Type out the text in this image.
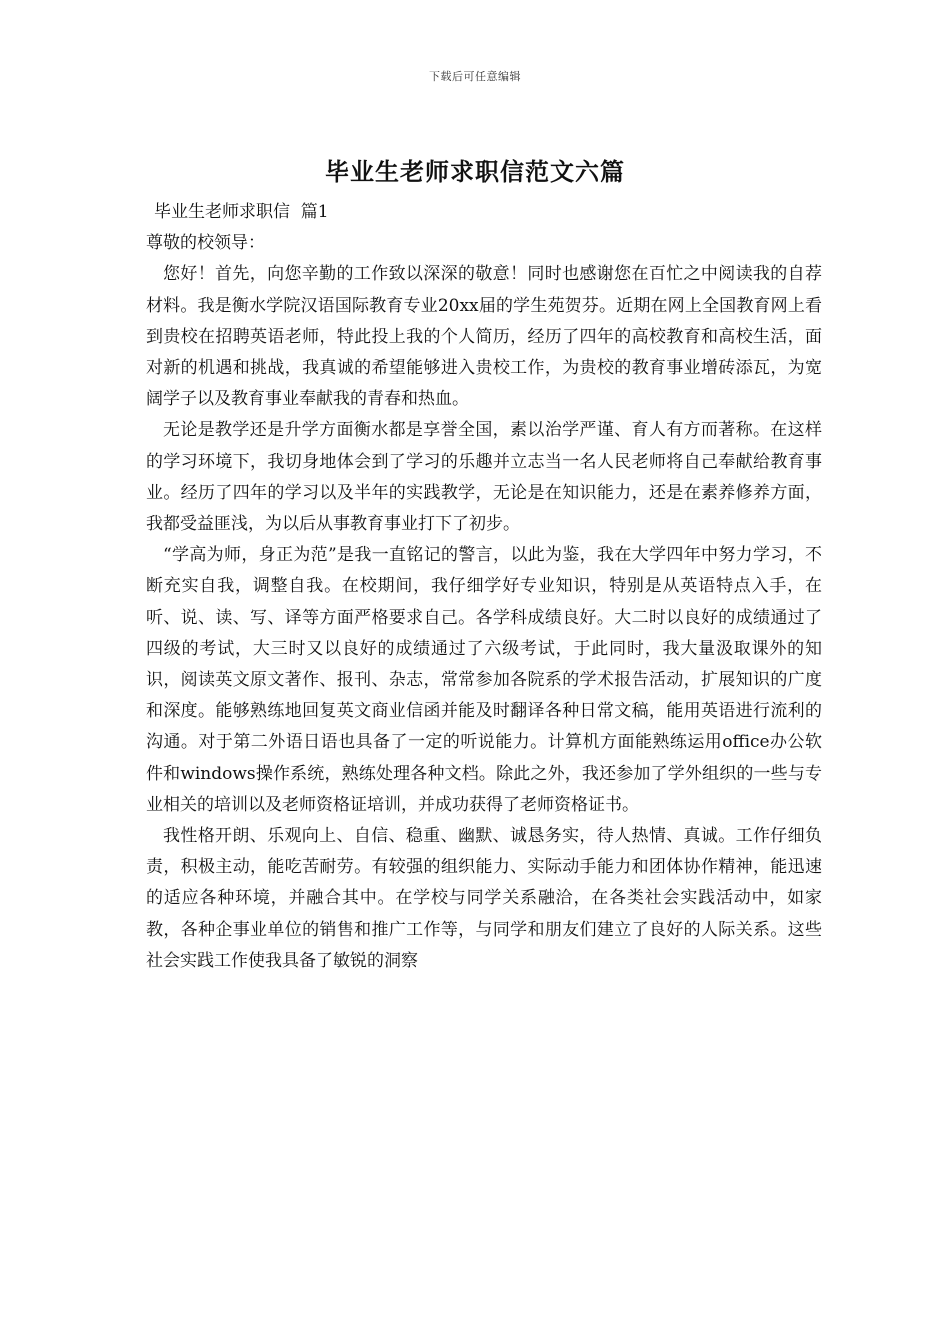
下载后可任意编辑
毕业生老师求职信范文六篇

毕业生老师求职信  篇1

尊敬的校领导：

您好！首先，向您辛勤的工作致以深深的敬意！同时也感谢您在百忙之中阅读我的自荐材料。我是衡水学院汉语国际教育专业20xx届的学生苑贺芬。近期在网上全国教育网上看到贵校在招聘英语老师，特此投上我的个人简历，经历了四年的高校教育和高校生活，面对新的机遇和挑战，我真诚的希望能够进入贵校工作，为贵校的教育事业增砖添瓦，为宽阔学子以及教育事业奉献我的青春和热血。

无论是教学还是升学方面衡水都是享誉全国，素以治学严谨、育人有方而著称。在这样的学习环境下，我切身地体会到了学习的乐趣并立志当一名人民老师将自己奉献给教育事业。经历了四年的学习以及半年的实践教学，无论是在知识能力，还是在素养修养方面，我都受益匪浅，为以后从事教育事业打下了初步。

“学高为师，身正为范”是我一直铭记的警言，以此为鉴，我在大学四年中努力学习，不断充实自我，调整自我。在校期间，我仔细学好专业知识，特别是从英语特点入手，在听、说、读、写、译等方面严格要求自己。各学科成绩良好。大二时以良好的成绩通过了四级的考试，大三时又以良好的成绩通过了六级考试，于此同时，我大量汲取课外的知识，阅读英文原文著作、报刊、杂志，常常参加各院系的学术报告活动，扩展知识的广度和深度。能够熟练地回复英文商业信函并能及时翻译各种日常文稿，能用英语进行流利的沟通。对于第二外语日语也具备了一定的听说能力。计算机方面能熟练运用office办公软件和windows操作系统，熟练处理各种文档。除此之外，我还参加了学外组织的一些与专业相关的培训以及老师资格证培训，并成功获得了老师资格证书。

我性格开朗、乐观向上、自信、稳重、幽默、诚恳务实，待人热情、真诚。工作仔细负责，积极主动，能吃苦耐劳。有较强的组织能力、实际动手能力和团体协作精神，能迅速的适应各种环境，并融合其中。在学校与同学关系融洽，在各类社会实践活动中，如家教，各种企事业单位的销售和推广工作等，与同学和朋友们建立了良好的人际关系。这些社会实践工作使我具备了敏锐的洞察
